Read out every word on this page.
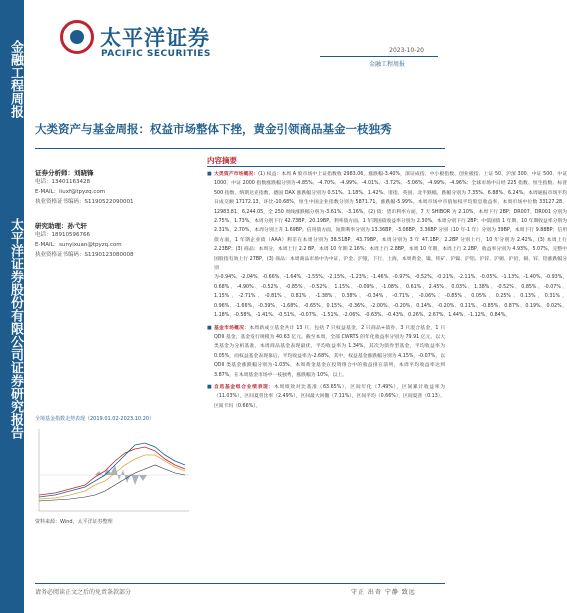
金融工程周报
太平洋证券股份有限公司证券研究报告
太平洋证券
PACIFIC SECURITIES	2023-10-20
金融工程周报
大类资产与基金周报：权益市场整体下挫，黄金引领商品基金一枝独秀
证券分析师：刘晓锋
电话：13401163428
E-MAIL：liuxf@tpyzq.com
执业资格证书编码：S1190522090001
研究助理：孙弋轩
电话：18910596766
E-MAIL：sunyixuan@tpyzq.com
执业资格证书编码：S1190123080008
全境基金指数走势表现（2019.01.02-2023.10.20）
资料来源：Wind，太平洋证券整理
内容摘要
■ 大类资产市场概况：(1) 权益：本周 A 股市场中上证指数收 2983.06，涨跌幅-3.40%，深证成指、中小板指数、创业板指、上证 50、沪深 300、中证 500、中证 1000、中证 2000 指数涨跌幅分别为-4.85%、-4.70%、-4.99%、-4.01%、-3.72%、-5.06%、-4.99%、-4.96%；全球市场中日经 225 指数、恒生指数、标普 500 指数、纳斯达克指数、德国 DAX 涨跌幅分别为 0.51%、1.18%、1.42%、诸指、英国、北半跌幅，跌幅分别为 7.35%、6.88%、6.24%。本周通报市场平均日成交额 17172.13，环比-10.68%，恒生中国企业指数分别为 5871.71，涨跌幅-5.99%。本周市场中市值加权平均股息收益率，本周市场中位数 33127.28、12983.81、6,244.05，全 250 周线涨跌幅分别为-3.61%、-3.16%。(2) 债：货币利率方面，7 天 SHIBOR 为 2.10%，本周下行 2BP；DR007、DR001 分别为 2.75%、1.73%，本周分别下行 42.73BP、20.19BP。利率债方面，1 年期国债收益率分别为 2.30%，本周分别下行 2BP；中债国债 1 年期、10 年期收益率分别为 2.31%、2.70%，本周分别上升 1.69BP。信用债方面，短期利率分别为 13.36BP、-3.08BP、3.36BP 分别（10 年-1 年）分别为 39BP，本周下行 9.88BP；信用债方面，1 年期企业债（AAA）利差在本周分别为 38.51BP、43.79BP。本周分别为 3 年 47.1BP、2.2BP 分别上行，10 年分别为 2.42%，(3) 本周上行 2.23BP；(3) 商品：本周分，本周上行 2.2 BP，本周 10 年期 2.16%；本周上行 2.8BP，本周 10 年期，本周上行 2.2BP，收益率分别为 4.93%、5.07%，完整中国股指有效上行 27BP，(3) 商品：本周商品市场中为中证，沪金、沪银，下行，上海，本周黄金，镍、铁矿、沪镍、沪铝、沪锌、沪铜、沪铅，铜、锌、铝涨跌幅分别为-0.94%、-2.04%、-0.66%、-1.64%、-1.55%、-2.15%、-1.23%；-1.46%、-0.97%、-0.52%、-0.21%、-2.11%、-0.05%、-1.13%、-1.40%、-0.93%、0.68%、-4.90%、-0.52%、-0.85%、-0.52%、1.15%、-0.09%、-1.08%、0.61%、2.45%、0.03%、1.38%、-0.52%、0.85%、-0.07%、1.15%、-2.71%、-0.81%、0.81%、-1.38%、0.38%、-0.34%、-0.71%、-0.06%、-0.85%、0.05%、0.25%、0.13%，0.31%，0.96%、-1.66%、-0.39%、-1.68%、-0.65%，0.15%、-0.36%、-2.00%、-0.20%、0.14%、-0.20%、0.11%、-0.85%、0.87%、0.19%、0.02%、1.18%、-0.58%、-1.41%、-0.51%、-0.07%、-1.51%、-2.06%、-0.63%、-0.43%、0.26%、2.67%、1.44%、-1.12%、0.84%。
■ 基金市场概况：本周新成立基金共计 13 只，包括 7 只权益基金，2 只商品+债券，3 只混合基金，1 只 QDII 基金，基金发行规模为 40.63 亿元。截至本周，全部 CWRTS 的年化收益率分别为 79.91 亿元，以大类基金为分析基准，本周商品基金表现最优，平均收益率为 1.34%，其次为债券型基金，平均收益率为 0.05%，而权益基金表现靠后，平均收益率为-2.68%，其中，权益基金涨跌幅分别为 4.15%、-0.07%，以QDII 类基金涨跌幅分别为-1.03%，本周黄金基金在投资组合中的收益排在前列，本周平均收益率达到 3.87%，在本周基金市场中一枝独秀，涨跌幅为 10%，以上。
■ 自选基金组合业绩表现：本周绩效对比基准（63.65%），区间年化（7.49%），区间累计收益率为（11.03%），区间夏普比率（2.49%），区间最大回撤（7.11%），区间平均（0.66%），区间夏普（0.13），区间卡玛（0.66%）。
请务必阅读正文之后的免责条款部分	守正 出奇 宁静 致远
